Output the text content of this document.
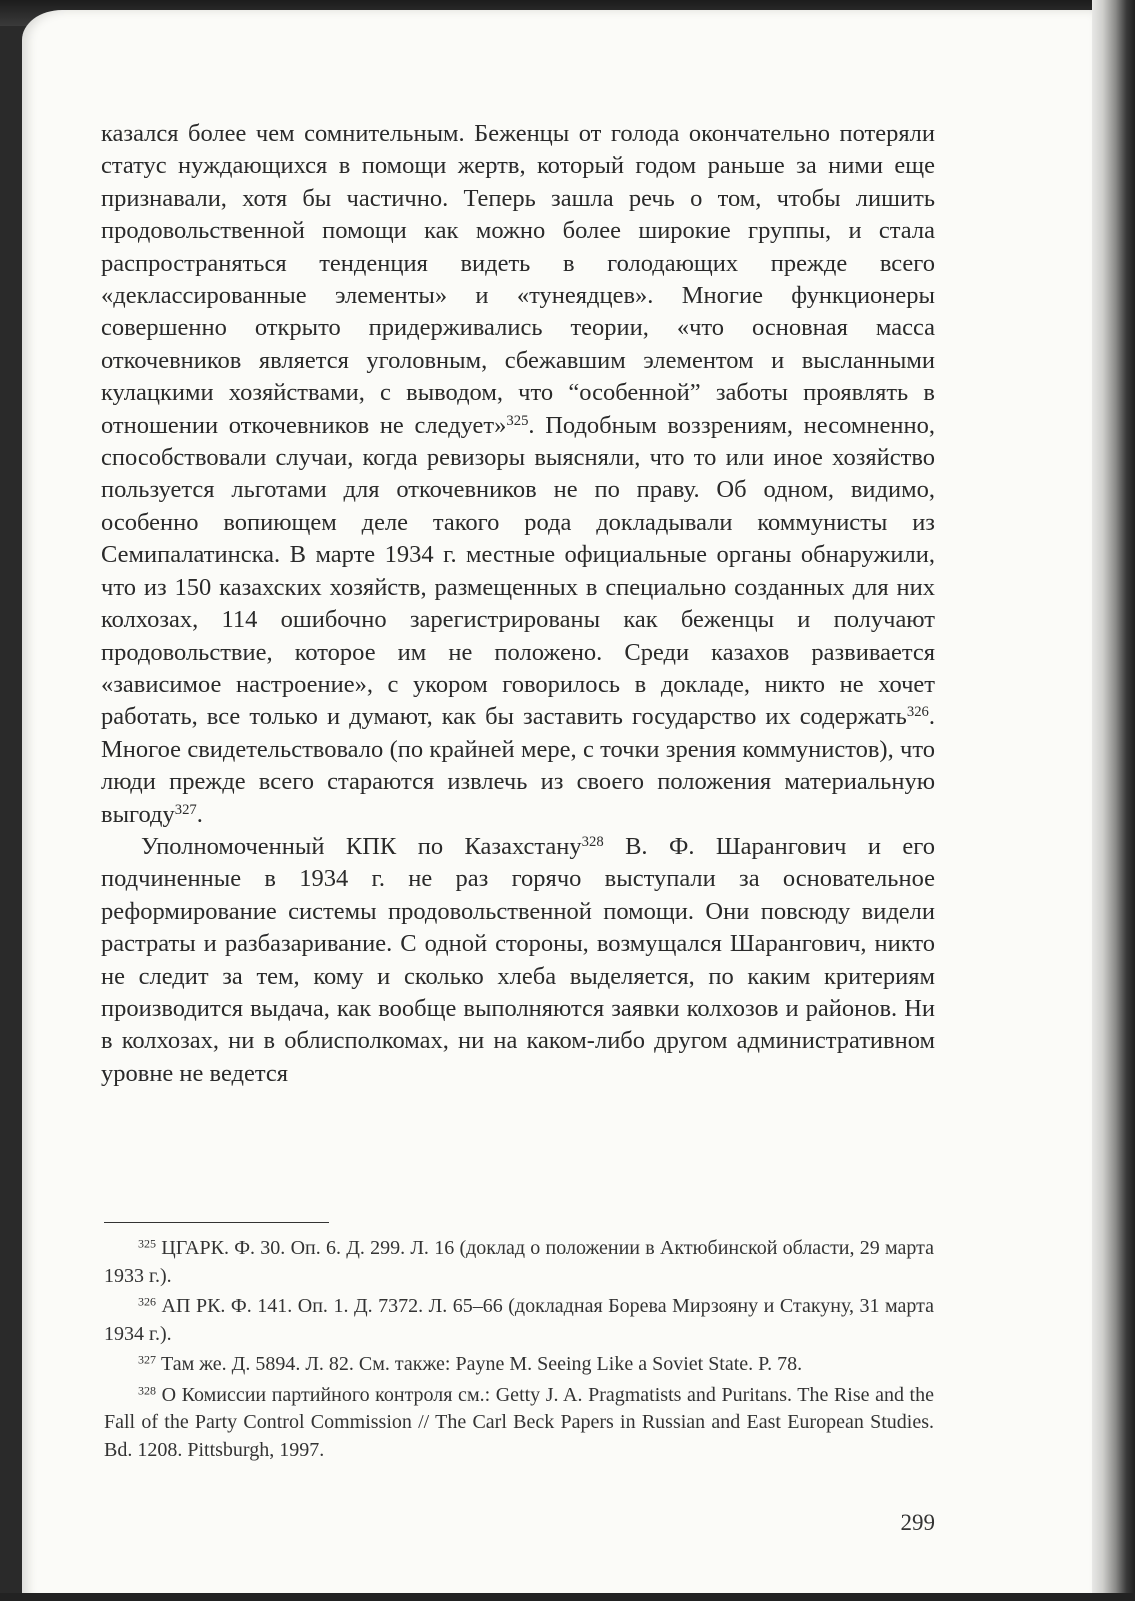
казался более чем сомнительным. Беженцы от голода окончательно потеряли статус нуждающихся в помощи жертв, который годом раньше за ними еще признавали, хотя бы частично. Теперь зашла речь о том, чтобы лишить продовольственной помощи как можно более широкие группы, и стала распространяться тенденция видеть в голодающих прежде всего «деклассированные элементы» и «тунеядцев». Многие функционеры совершенно открыто придерживались теории, «что основная масса откочевников является уголовным, сбежавшим элементом и высланными кулацкими хозяйствами, с выводом, что “особенной” заботы проявлять в отношении откочевников не следует»$^{325}$. Подобным воззрениям, несомненно, способствовали случаи, когда ревизоры выясняли, что то или иное хозяйство пользуется льготами для откочевников не по праву. Об одном, видимо, особенно вопиющем деле такого рода докладывали коммунисты из Семипалатинска. В марте 1934 г. местные официальные органы обнаружили, что из 150 казахских хозяйств, размещенных в специально созданных для них колхозах, 114 ошибочно зарегистрированы как беженцы и получают продовольствие, которое им не положено. Среди казахов развивается «зависимое настроение», с укором говорилось в докладе, никто не хочет работать, все только и думают, как бы заставить государство их содержать$^{326}$. Многое свидетельствовало (по крайней мере, с точки зрения коммунистов), что люди прежде всего стараются извлечь из своего положения материальную выгоду$^{327}$.

Уполномоченный КПК по Казахстану$^{328}$ В. Ф. Шарангович и его подчиненные в 1934 г. не раз горячо выступали за основательное реформирование системы продовольственной помощи. Они повсюду видели растраты и разбазаривание. С одной стороны, возмущался Шарангович, никто не следит за тем, кому и сколько хлеба выделяется, по каким критериям производится выдача, как вообще выполняются заявки колхозов и районов. Ни в колхозах, ни в облисполкомах, ни на каком-либо другом административном уровне не ведется

$^{325}$ ЦГАРК. Ф. 30. Оп. 6. Д. 299. Л. 16 (доклад о положении в Актюбинской области, 29 марта 1933 г.).

$^{326}$ АП РК. Ф. 141. Оп. 1. Д. 7372. Л. 65–66 (докладная Борева Мирзояну и Стакуну, 31 марта 1934 г.).

$^{327}$ Там же. Д. 5894. Л. 82. См. также: Payne M. Seeing Like a Soviet State. P. 78.

$^{328}$ О Комиссии партийного контроля см.: Getty J. A. Pragmatists and Puritans. The Rise and the Fall of the Party Control Commission // The Carl Beck Papers in Russian and East European Studies. Bd. 1208. Pittsburgh, 1997.

299
